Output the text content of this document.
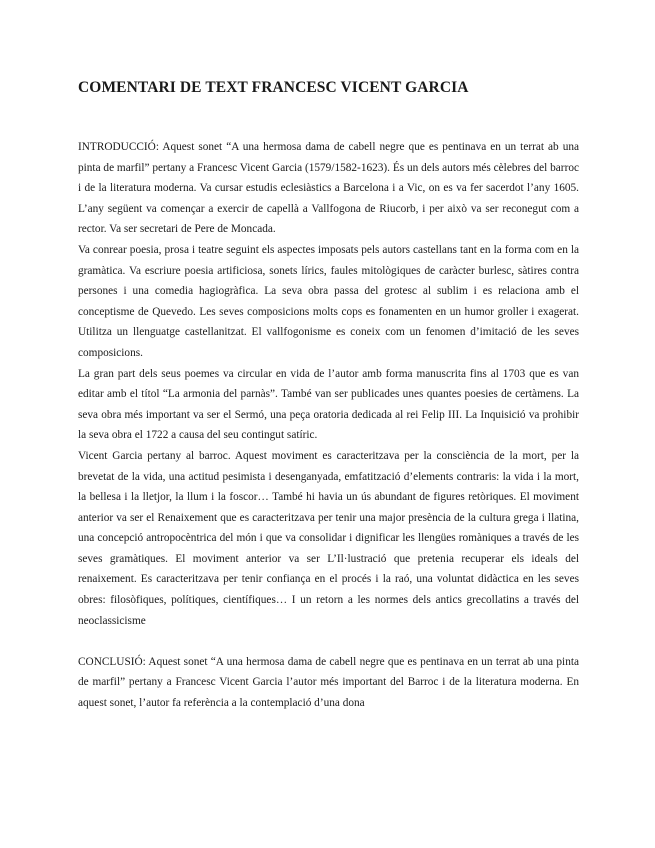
COMENTARI DE TEXT FRANCESC VICENT GARCIA

INTRODUCCIÓ: Aquest sonet “A una hermosa dama de cabell negre que es pentinava en un terrat ab una pinta de marfil” pertany a Francesc Vicent Garcia (1579/1582-1623). És un dels autors més cèlebres del barroc i de la literatura moderna. Va cursar estudis eclesiàstics a Barcelona i a Vic, on es va fer sacerdot l’any 1605. L’any següent va començar a exercir de capellà a Vallfogona de Riucorb, i per això va ser reconegut com a rector. Va ser secretari de Pere de Moncada.

Va conrear poesia, prosa i teatre seguint els aspectes imposats pels autors castellans tant en la forma com en la gramàtica. Va escriure poesia artificiosa, sonets lírics, faules mitològiques de caràcter burlesc, sàtires contra persones i una comedia hagiogràfica. La seva obra passa del grotesc al sublim i es relaciona amb el conceptisme de Quevedo. Les seves composicions molts cops es fonamenten en un humor groller i exagerat. Utilitza un llenguatge castellanitzat. El vallfogonisme es coneix com un fenomen d’imitació de les seves composicions.

La gran part dels seus poemes va circular en vida de l’autor amb forma manuscrita fins al 1703 que es van editar amb el títol “La armonia del parnàs”. També van ser publicades unes quantes poesies de certàmens. La seva obra més important va ser el Sermó, una peça oratoria dedicada al rei Felip III. La Inquisició va prohibir la seva obra el 1722 a causa del seu contingut satíric.

Vicent Garcia pertany al barroc. Aquest moviment es caracteritzava per la consciència de la mort, per la brevetat de la vida, una actitud pesimista i desenganyada, emfatització d’elements contraris: la vida i la mort, la bellesa i la lletjor, la llum i la foscor… També hi havia un ús abundant de figures retòriques. El moviment anterior va ser el Renaixement que es caracteritzava per tenir una major presència de la cultura grega i llatina, una concepció antropocèntrica del món i que va consolidar i dignificar les llengües romàniques a través de les seves gramàtiques. El moviment anterior va ser L’Il·lustració que pretenia recuperar els ideals del renaixement. Es caracteritzava per tenir confiança en el procés i la raó, una voluntat didàctica en les seves obres: filosòfiques, polítiques, científiques… I un retorn a les normes dels antics grecollatins a través del neoclassicisme

CONCLUSIÓ: Aquest sonet “A una hermosa dama de cabell negre que es pentinava en un terrat ab una pinta de marfil” pertany a Francesc Vicent Garcia l’autor més important del Barroc i de la literatura moderna. En aquest sonet, l’autor fa referència a la contemplació d’una dona
